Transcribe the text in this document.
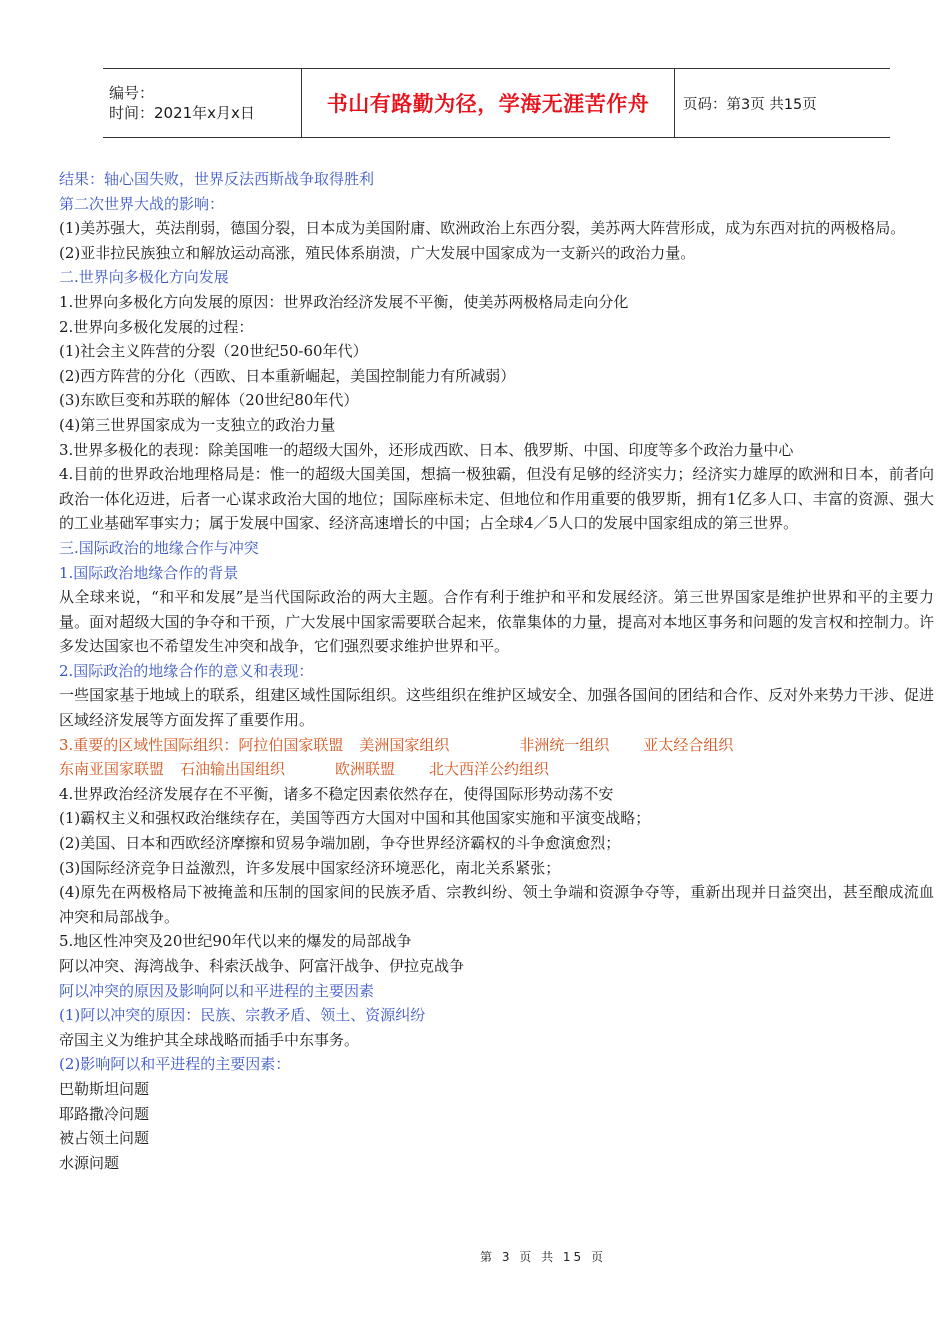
编号：
时间：2021年x月x日	书山有路勤为径，学海无涯苦作舟	页码：第3页 共15页
结果：轴心国失败，世界反法西斯战争取得胜利
第二次世界大战的影响：
(1)美苏强大，英法削弱，德国分裂，日本成为美国附庸、欧洲政治上东西分裂，美苏两大阵营形成，成为东西对抗的两极格局。
(2)亚非拉民族独立和解放运动高涨，殖民体系崩溃，广大发展中国家成为一支新兴的政治力量。
二.世界向多极化方向发展
1.世界向多极化方向发展的原因：世界政治经济发展不平衡，使美苏两极格局走向分化
2.世界向多极化发展的过程：
(1)社会主义阵营的分裂（20世纪50-60年代）
(2)西方阵营的分化（西欧、日本重新崛起，美国控制能力有所减弱）
(3)东欧巨变和苏联的解体（20世纪80年代）
(4)第三世界国家成为一支独立的政治力量
3.世界多极化的表现：除美国唯一的超级大国外，还形成西欧、日本、俄罗斯、中国、印度等多个政治力量中心
4.目前的世界政治地理格局是：惟一的超级大国美国，想搞一极独霸，但没有足够的经济实力；经济实力雄厚的欧洲和日本，前者向政治一体化迈进，后者一心谋求政治大国的地位；国际座标未定、但地位和作用重要的俄罗斯，拥有1亿多人口、丰富的资源、强大的工业基础军事实力；属于发展中国家、经济高速增长的中国；占全球4／5人口的发展中国家组成的第三世界。
三.国际政治的地缘合作与冲突
1.国际政治地缘合作的背景
从全球来说，“和平和发展”是当代国际政治的两大主题。合作有利于维护和平和发展经济。第三世界国家是维护世界和平的主要力量。面对超级大国的争夺和干预，广大发展中国家需要联合起来，依靠集体的力量，提高对本地区事务和问题的发言权和控制力。许多发达国家也不希望发生冲突和战争，它们强烈要求维护世界和平。
2.国际政治的地缘合作的意义和表现：
一些国家基于地域上的联系，组建区域性国际组织。这些组织在维护区域安全、加强各国间的团结和合作、反对外来势力干涉、促进区域经济发展等方面发挥了重要作用。
3.重要的区域性国际组织：阿拉伯国家联盟 美洲国家组织	非洲统一组织 亚太经合组织
东南亚国家联盟 石油输出国组织	欧洲联盟 北大西洋公约组织
4.世界政治经济发展存在不平衡，诸多不稳定因素依然存在，使得国际形势动荡不安
(1)霸权主义和强权政治继续存在，美国等西方大国对中国和其他国家实施和平演变战略；
(2)美国、日本和西欧经济摩擦和贸易争端加剧，争夺世界经济霸权的斗争愈演愈烈；
(3)国际经济竞争日益激烈，许多发展中国家经济环境恶化，南北关系紧张；
(4)原先在两极格局下被掩盖和压制的国家间的民族矛盾、宗教纠纷、领土争端和资源争夺等，重新出现并日益突出，甚至酿成流血冲突和局部战争。
5.地区性冲突及20世纪90年代以来的爆发的局部战争
阿以冲突、海湾战争、科索沃战争、阿富汗战争、伊拉克战争
阿以冲突的原因及影响阿以和平进程的主要因素
(1)阿以冲突的原因：民族、宗教矛盾、领土、资源纠纷
帝国主义为维护其全球战略而插手中东事务。
(2)影响阿以和平进程的主要因素：
巴勒斯坦问题
耶路撒冷问题
被占领土问题
水源问题
第 3 页 共 15 页
